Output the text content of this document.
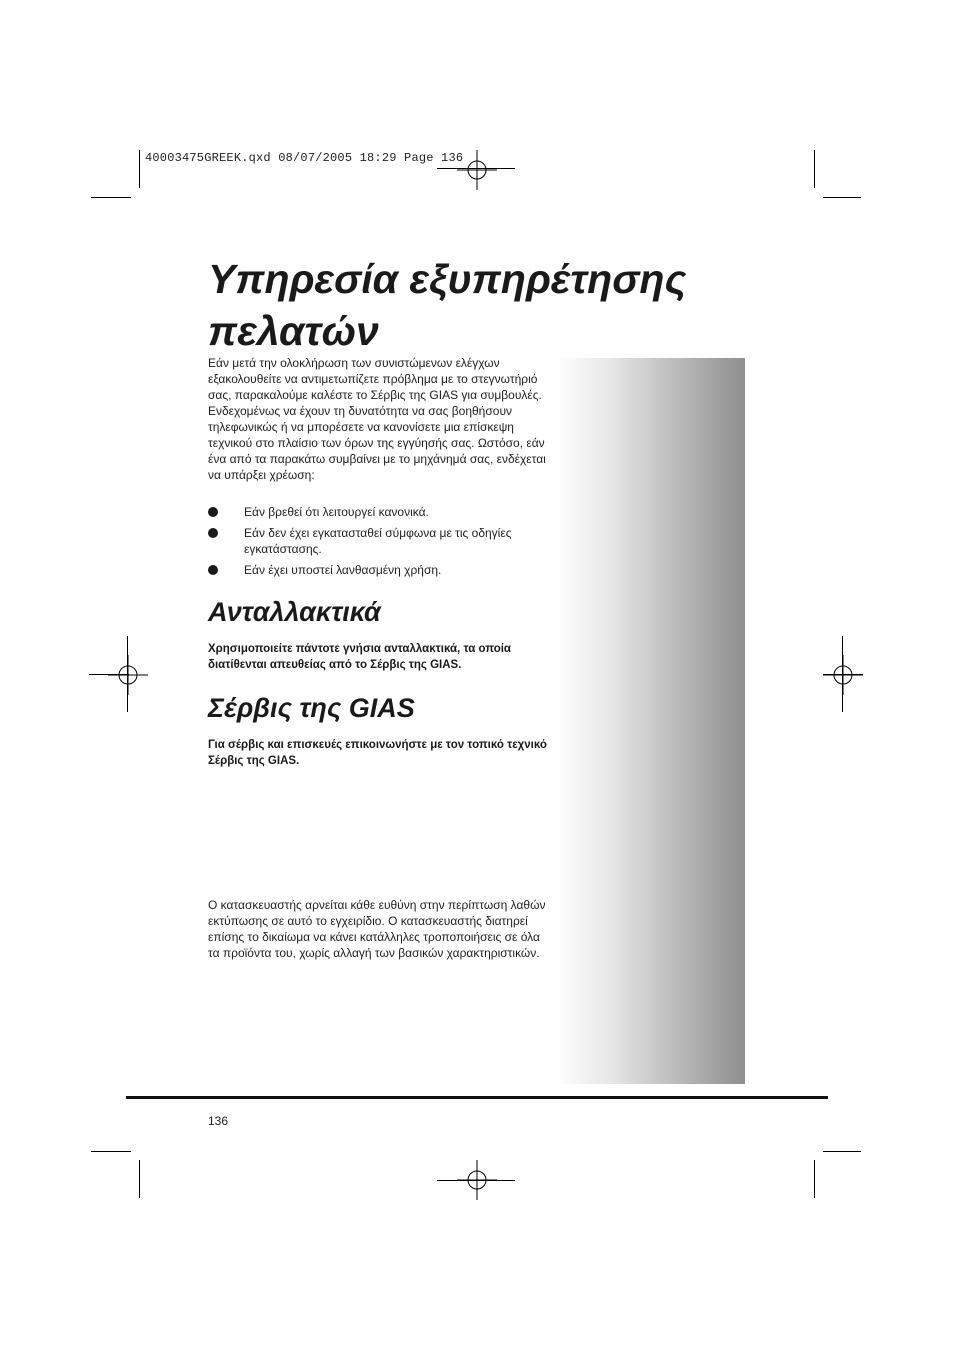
40003475GREEK.qxd 08/07/2005 18:29 Page 136
Υπηρεσία εξυπηρέτησης
πελατών

Εάν μετά την ολοκλήρωση των συνιστώμενων ελέγχων εξακολουθείτε να αντιμετωπίζετε πρόβλημα με το στεγνωτήριό σας, παρακαλούμε καλέστε το Σέρβις της GIAS για συμβουλές. Ενδεχομένως να έχουν τη δυνατότητα να σας βοηθήσουν τηλεφωνικώς ή να μπορέσετε να κανονίσετε μια επίσκεψη τεχνικού στο πλαίσιο των όρων της εγγύησής σας. Ωστόσο, εάν ένα από τα παρακάτω συμβαίνει με το μηχάνημά σας, ενδέχεται να υπάρξει χρέωση:

Εάν βρεθεί ότι λειτουργεί κανονικά.
Εάν δεν έχει εγκατασταθεί σύμφωνα με τις οδηγίες εγκατάστασης.
Εάν έχει υποστεί λανθασμένη χρήση.
Ανταλλακτικά

Χρησιμοποιείτε πάντοτε γνήσια ανταλλακτικά, τα οποία διατίθενται απευθείας από το Σέρβις της GIAS.

Σέρβις της GIAS

Για σέρβις και επισκευές επικοινωνήστε με τον τοπικό τεχνικό Σέρβις της GIAS.

Ο κατασκευαστής αρνείται κάθε ευθύνη στην περίπτωση λαθών εκτύπωσης σε αυτό το εγχειρίδιο. Ο κατασκευαστής διατηρεί επίσης το δικαίωμα να κάνει κατάλληλες τροποποιήσεις σε όλα τα προϊόντα του, χωρίς αλλαγή των βασικών χαρακτηριστικών.

136
